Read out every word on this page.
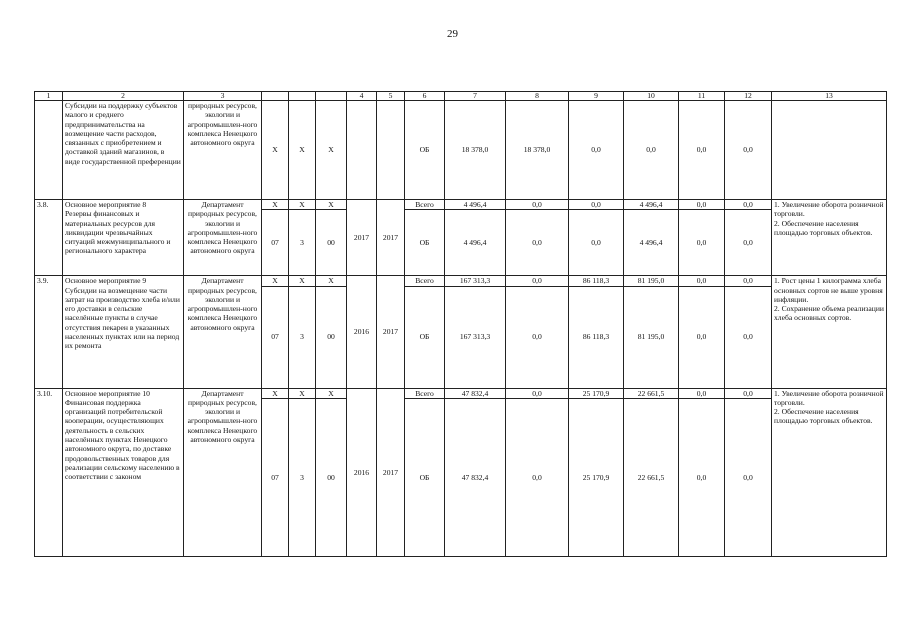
29
1	2	3				4	5	6	7	8	9	10	11	12	13
	Субсидии на поддержку субъектов малого и среднего предпринимательства на возмещение части расходов, связанных с приобретением и доставкой зданий магазинов, в виде государственной преференции	природных ресурсов, экологии и агропромышлен-ного комплекса Ненецкого автономного округа	X	X	X			ОБ	18 378,0	18 378,0	0,0	0,0	0,0	0,0	
3.8.	Основное мероприятие 8
Резервы финансовых и материальных ресурсов для ликвидации чрезвычайных ситуаций межмуниципального и регионального характера	Департамент природных ресурсов, экологии и агропромышлен-ного комплекса Ненецкого автономного округа	X	X	X	2017	2017	Всего	4 496,4	0,0	0,0	4 496,4	0,0	0,0	1. Увеличение оборота розничной торговли.
2. Обеспечение населения площадью торговых объектов.
			07	3	00			ОБ	4 496,4	0,0	0,0	4 496,4	0,0	0,0	
3.9.	Основное мероприятие 9
Субсидии на возмещение части затрат на производство хлеба и/или его доставки в сельские населённые пункты в случае отсутствия пекарен в указанных населенных пунктах или на период их ремонта	Департамент природных ресурсов, экологии и агропромышлен-ного комплекса Ненецкого автономного округа	X	X	X	2016	2017	Всего	167 313,3	0,0	86 118,3	81 195,0	0,0	0,0	1. Рост цены 1 килограмма хлеба основных сортов не выше уровня инфляции.
2. Сохранение объема реализации хлеба основных сортов.
			07	3	00			ОБ	167 313,3	0,0	86 118,3	81 195,0	0,0	0,0	
3.10.	Основное мероприятие 10
Финансовая поддержка организаций потребительской кооперации, осуществляющих деятельность в сельских населённых пунктах Ненецкого автономного округа, по доставке продовольственных товаров для реализации сельскому населению в соответствии с законом	Департамент природных ресурсов, экологии и агропромышлен-ного комплекса Ненецкого автономного округа	X	X	X	2016	2017	Всего	47 832,4	0,0	25 170,9	22 661,5	0,0	0,0	1. Увеличение оборота розничной торговли.
2. Обеспечение населения площадью торговых объектов.
			07	3	00			ОБ	47 832,4	0,0	25 170,9	22 661,5	0,0	0,0	
